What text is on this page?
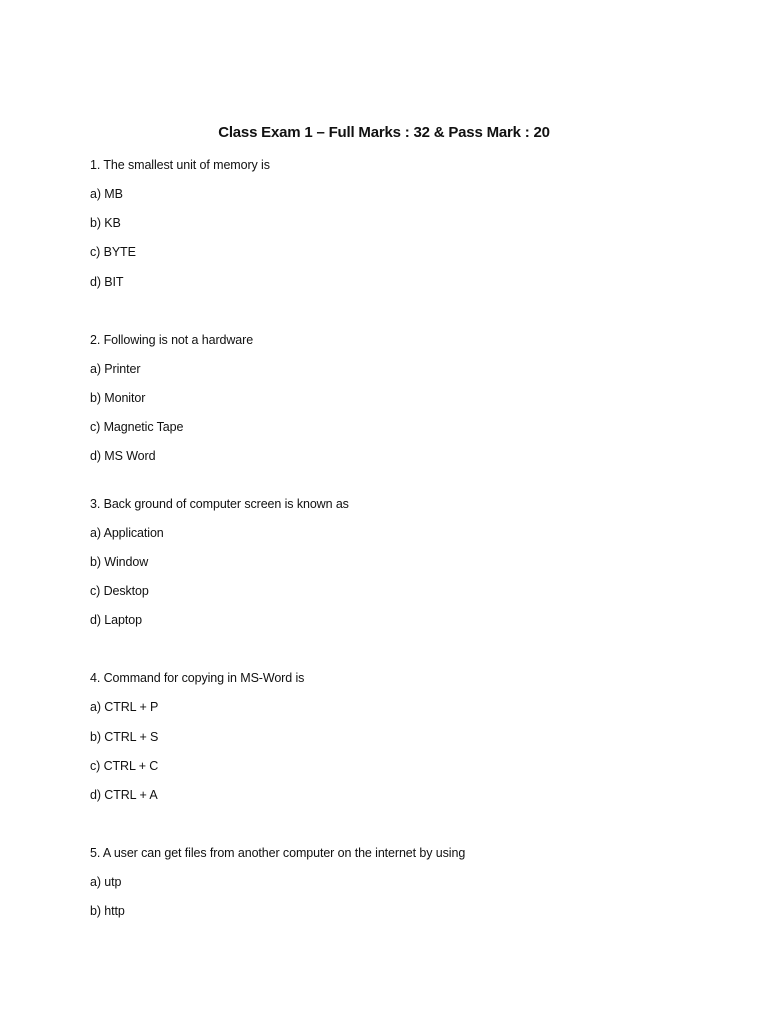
Class Exam 1 – Full Marks : 32 & Pass Mark : 20
1. The smallest unit of memory is
a) MB
b) KB
c) BYTE
d) BIT
2. Following is not a hardware
a) Printer
b) Monitor
c) Magnetic Tape
d) MS Word
3. Back ground of computer screen is known as
a) Application
b) Window
c) Desktop
d) Laptop
4. Command for copying in MS-Word is
a) CTRL + P
b) CTRL + S
c) CTRL + C
d) CTRL + A
5. A user can get files from another computer on the internet by using
a) utp
b) http
